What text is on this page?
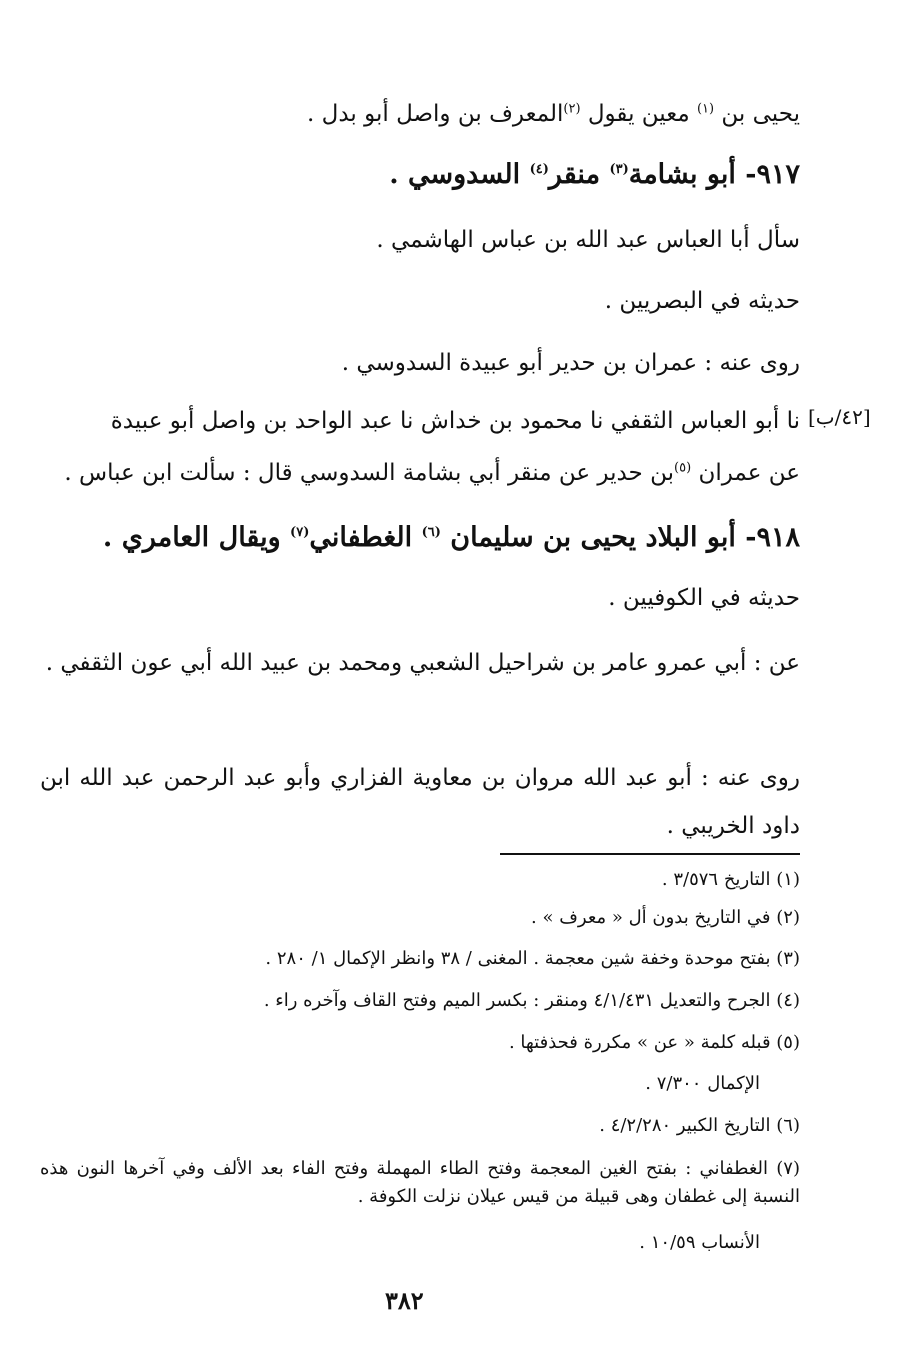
يحيى بن $^{(١)}$ معين يقول $^{(٢)}$المعرف بن واصل أبو بدل .
٩١٧- أبو بشامة$^{(٣)}$ منقر$^{(٤)}$ السدوسي .
سأل أبا العباس عبد الله بن عباس الهاشمي .
حديثه في البصريين .
روى عنه : عمران بن حدير أبو عبيدة السدوسي .
نا أبو العباس الثقفي نا محمود بن خداش نا عبد الواحد بن واصل أبو عبيدة
عن عمران $^{(٥)}$بن حدير عن منقر أبي بشامة السدوسي قال : سألت ابن عباس .
٩١٨- أبو البلاد يحيى بن سليمان $^{(٦)}$ الغطفاني$^{(٧)}$ ويقال العامري .
حديثه في الكوفيين .
عن : أبي عمرو عامر بن شراحيل الشعبي ومحمد بن عبيد الله أبي عون الثقفي .
روى عنه : أبو عبد الله مروان بن معاوية الفزاري وأبو عبد الرحمن عبد الله ابن داود الخريبي .
(١) التاريخ ٣/٥٧٦ .
(٢) في التاريخ بدون أل « معرف » .
(٣) بفتح موحدة وخفة شين معجمة . المغنى / ٣٨ وانظر الإكمال ١/ ٢٨٠ .
(٤) الجرح والتعديل ٤/١/٤٣١ ومنقر : بكسر الميم وفتح القاف وآخره راء .
(٥) قبله كلمة « عن » مكررة فحذفتها .
الإكمال ٧/٣٠٠ .
(٦) التاريخ الكبير ٤/٢/٢٨٠ .
(٧) الغطفاني : بفتح الغين المعجمة وفتح الطاء المهملة وفتح الفاء بعد الألف وفي آخرها النون هذه النسبة إلى غطفان وهى قبيلة من قيس عيلان نزلت الكوفة .
الأنساب ١٠/٥٩ .
[٤٢/ب]
٣٨٢
